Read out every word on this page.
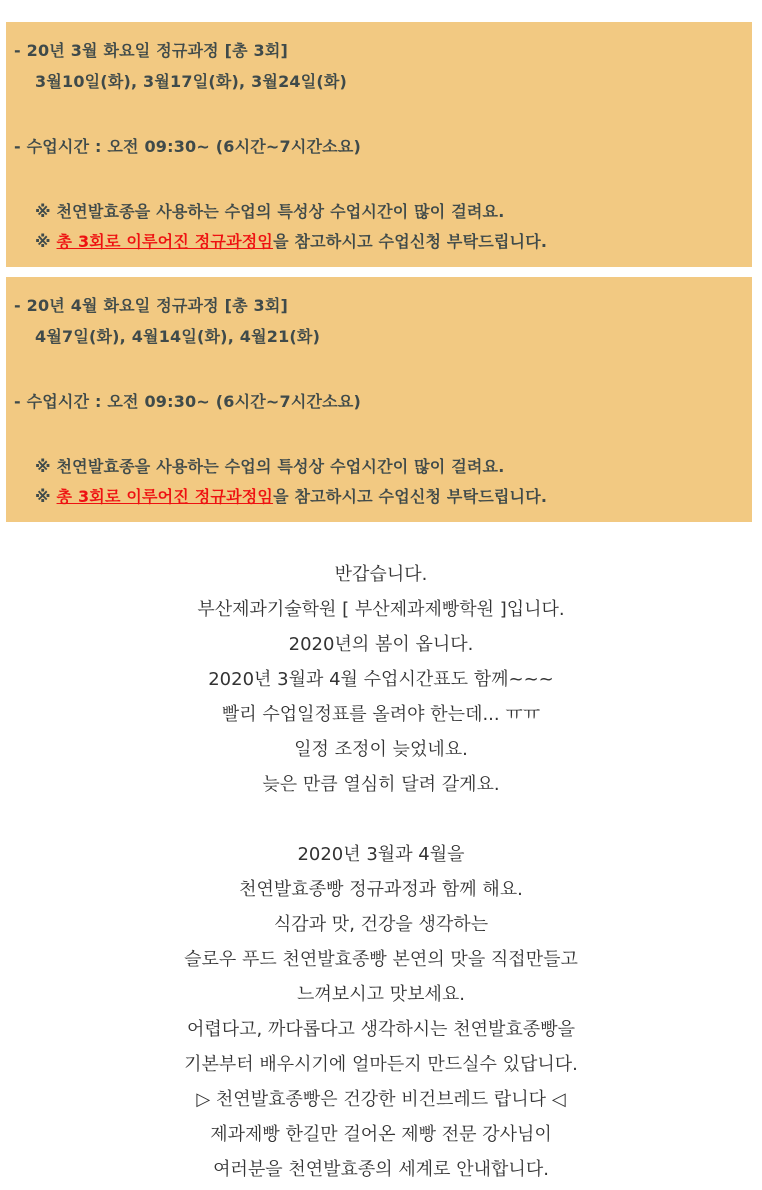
- 20년 3월 화요일 정규과정 [총 3회]
3월10일(화), 3월17일(화), 3월24일(화)
- 수업시간 : 오전 09:30~ (6시간~7시간소요)
※ 천연발효종을 사용하는 수업의 특성상 수업시간이 많이 걸려요.
※ 총 3회로 이루어진 정규과정임을 참고하시고 수업신청 부탁드립니다.
- 20년 4월 화요일 정규과정 [총 3회]
4월7일(화), 4월14일(화), 4월21(화)
- 수업시간 : 오전 09:30~ (6시간~7시간소요)
※ 천연발효종을 사용하는 수업의 특성상 수업시간이 많이 걸려요.
※ 총 3회로 이루어진 정규과정임을 참고하시고 수업신청 부탁드립니다.
반갑습니다.
부산제과기술학원 [ 부산제과제빵학원 ]입니다.
2020년의 봄이 옵니다.
2020년 3월과 4월 수업시간표도 함께~~~
빨리 수업일정표를 올려야 한는데... ㅠㅠ
일정 조정이 늦었네요.
늦은 만큼 열심히 달려 갈게요.
2020년 3월과 4월을
천연발효종빵 정규과정과 함께 해요.
식감과 맛, 건강을 생각하는
슬로우 푸드 천연발효종빵 본연의 맛을 직접만들고
느껴보시고 맛보세요.
어렵다고, 까다롭다고 생각하시는 천연발효종빵을
기본부터 배우시기에 얼마든지 만드실수 있답니다.
▷ 천연발효종빵은 건강한 비건브레드 랍니다 ◁
제과제빵 한길만 걸어온 제빵 전문 강사님이
여러분을 천연발효종의 세계로 안내합니다.
